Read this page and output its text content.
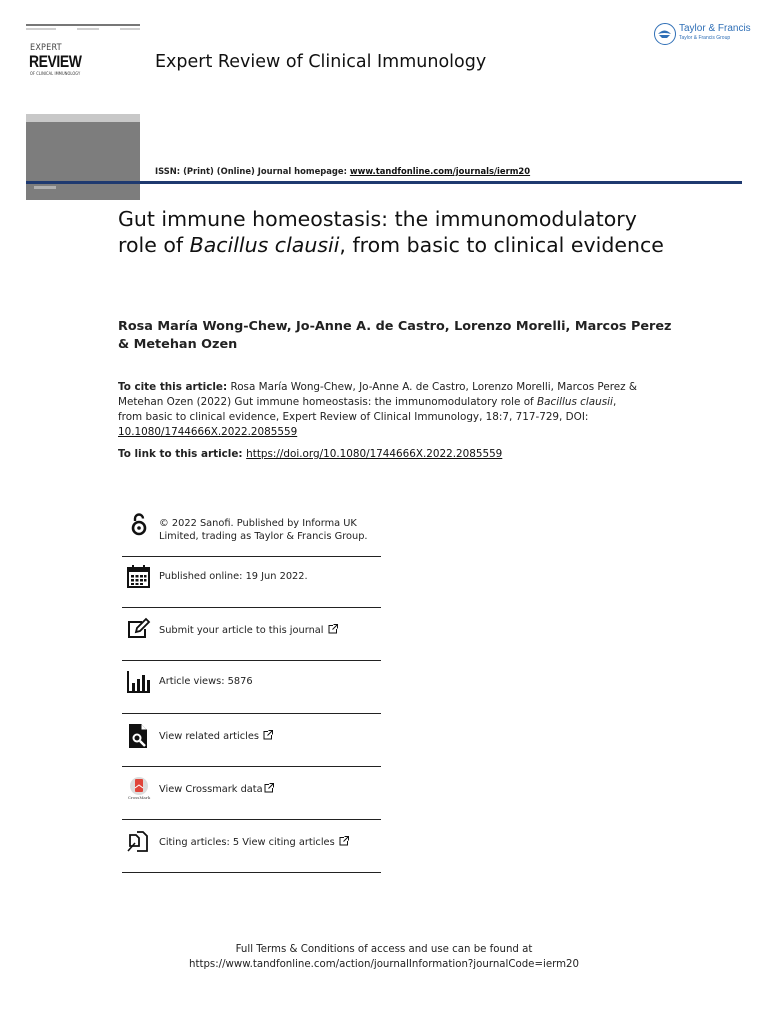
EXPERT
REVIEW
OF CLINICAL IMMUNOLOGY
Expert Review of Clinical Immunology
ISSN: (Print) (Online) Journal homepage: www.tandfonline.com/journals/ierm20
Taylor & Francis
Taylor & Francis Group
Gut immune homeostasis: the immunomodulatory role of Bacillus clausii, from basic to clinical evidence
Rosa María Wong-Chew, Jo-Anne A. de Castro, Lorenzo Morelli, Marcos Perez & Metehan Ozen
To cite this article: Rosa María Wong-Chew, Jo-Anne A. de Castro, Lorenzo Morelli, Marcos Perez & Metehan Ozen (2022) Gut immune homeostasis: the immunomodulatory role of Bacillus clausii, from basic to clinical evidence, Expert Review of Clinical Immunology, 18:7, 717-729, DOI: 10.1080/1744666X.2022.2085559
To link to this article: https://doi.org/10.1080/1744666X.2022.2085559
© 2022 Sanofi. Published by Informa UK Limited, trading as Taylor & Francis Group.
Published online: 19 Jun 2022.
Submit your article to this journal
Article views: 5876
View related articles
CrossMark
View Crossmark data
Citing articles: 5 View citing articles
Full Terms & Conditions of access and use can be found at
https://www.tandfonline.com/action/journalInformation?journalCode=ierm20
